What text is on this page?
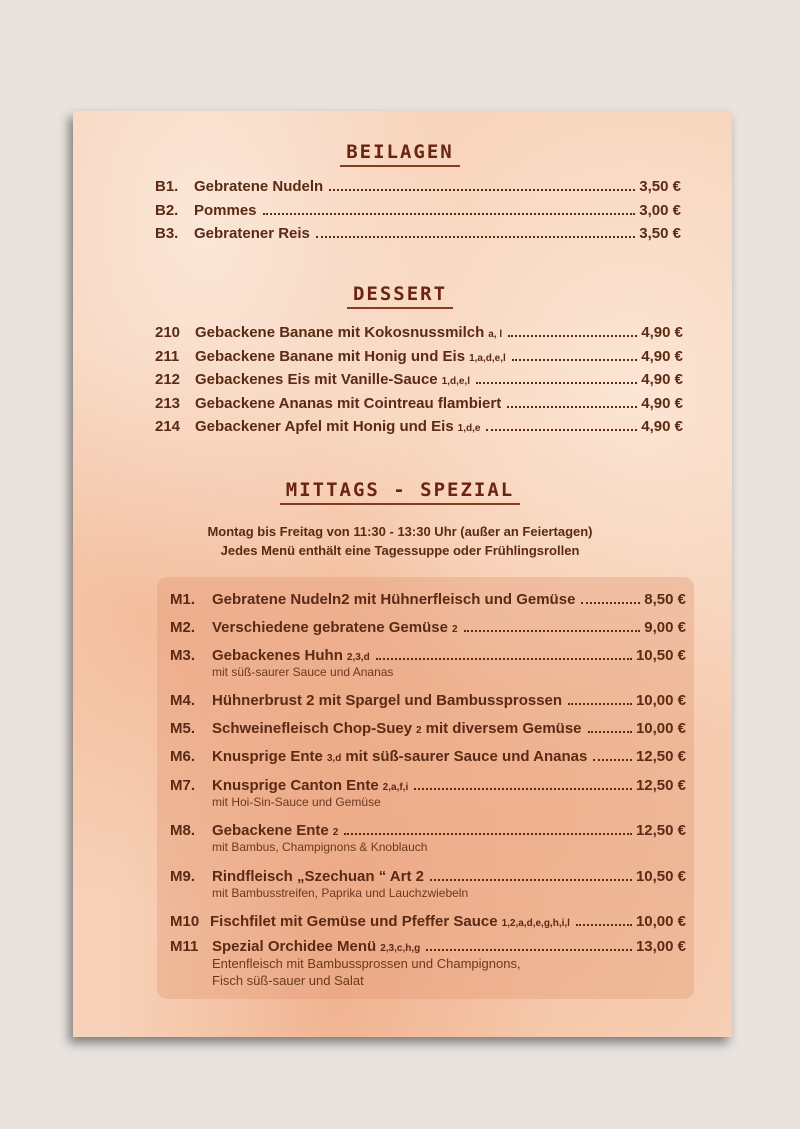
BEILAGEN
B1.	Gebratene Nudeln	3,50 €
B2.	Pommes	3,00 €
B3.	Gebratener Reis	3,50 €
DESSERT
210 Gebackene Banane mit Kokosnussmilch a, l	4,90 €
211	Gebackene Banane mit Honig und Eis 1,a,d,e,l	4,90 €
212 Gebackenes Eis mit Vanille-Sauce 1,d,e,l	4,90 €
213 Gebackene Ananas mit Cointreau flambiert	4,90 €
214 Gebackener Apfel mit Honig und Eis 1,d,e	4,90 €
MITTAGS - SPEZIAL
Montag bis Freitag von 11:30 - 13:30 Uhr (außer an Feiertagen)
Jedes Menü enthält eine Tagessuppe oder Frühlingsrollen
M1.	Gebratene Nudeln2 mit Hühnerfleisch und Gemüse	8,50 €
M2.	Verschiedene gebratene Gemüse 2	9,00 €
M3.	Gebackenes Huhn 2,3,d	10,50 €
mit süß-saurer Sauce und Ananas
M4.	Hühnerbrust 2 mit Spargel und Bambussprossen	10,00 €
M5.	Schweinefleisch Chop-Suey 2 mit diversem Gemüse	10,00 €
M6.	Knusprige Ente 3,d mit süß-saurer Sauce und Ananas	12,50 €
M7.	Knusprige Canton Ente 2,a,f,i	12,50 €
mit Hoi-Sin-Sauce und Gemüse
M8.	Gebackene Ente 2	12,50 €
mit Bambus, Champignons & Knoblauch
M9.	Rindfleisch „Szechuan “ Art 2	10,50 €
mit Bambusstreifen, Paprika und Lauchzwiebeln
M10 Fischfilet mit Gemüse und Pfeffer Sauce 1,2,a,d,e,g,h,i,l	10,00 €
M11 Spezial Orchidee Menü 2,3,c,h,g	13,00 €
Entenfleisch mit Bambussprossen und Champignons,
Fisch süß-sauer und Salat
